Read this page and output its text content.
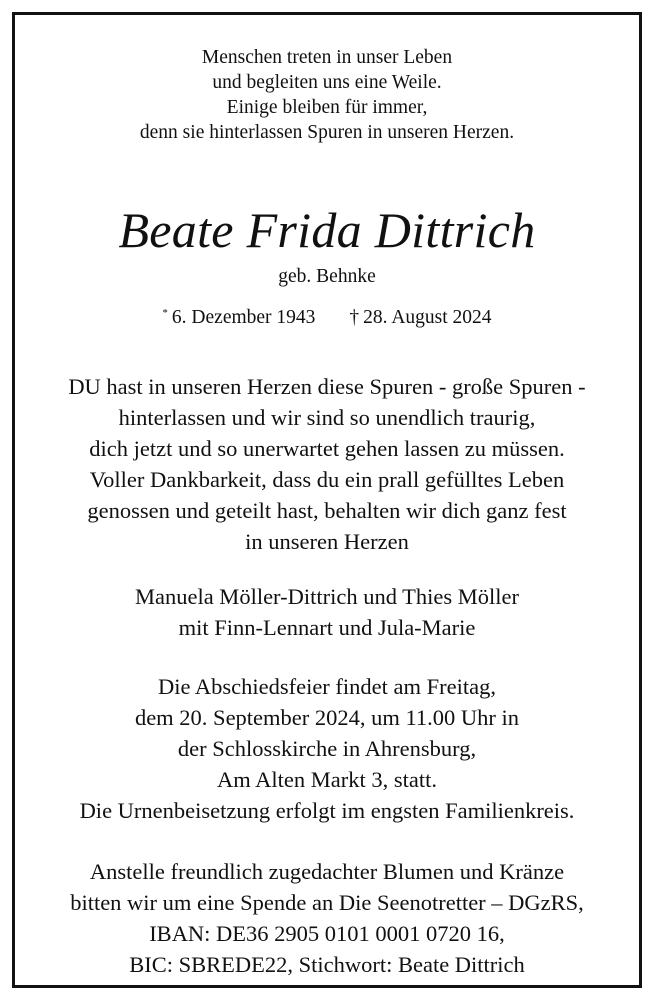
Menschen treten in unser Leben
und begleiten uns eine Weile.
Einige bleiben für immer,
denn sie hinterlassen Spuren in unseren Herzen.
Beate Frida Dittrich
geb. Behnke
* 6. Dezember 1943 † 28. August 2024
DU hast in unseren Herzen diese Spuren - große Spuren -
hinterlassen und wir sind so unendlich traurig,
dich jetzt und so unerwartet gehen lassen zu müssen.
Voller Dankbarkeit, dass du ein prall gefülltes Leben
genossen und geteilt hast, behalten wir dich ganz fest
in unseren Herzen
Manuela Möller-Dittrich und Thies Möller
mit Finn-Lennart und Jula-Marie
Die Abschiedsfeier findet am Freitag,
dem 20. September 2024, um 11.00 Uhr in
der Schlosskirche in Ahrensburg,
Am Alten Markt 3, statt.
Die Urnenbeisetzung erfolgt im engsten Familienkreis.
Anstelle freundlich zugedachter Blumen und Kränze
bitten wir um eine Spende an Die Seenotretter – DGzRS,
IBAN: DE36 2905 0101 0001 0720 16,
BIC: SBREDE22, Stichwort: Beate Dittrich
